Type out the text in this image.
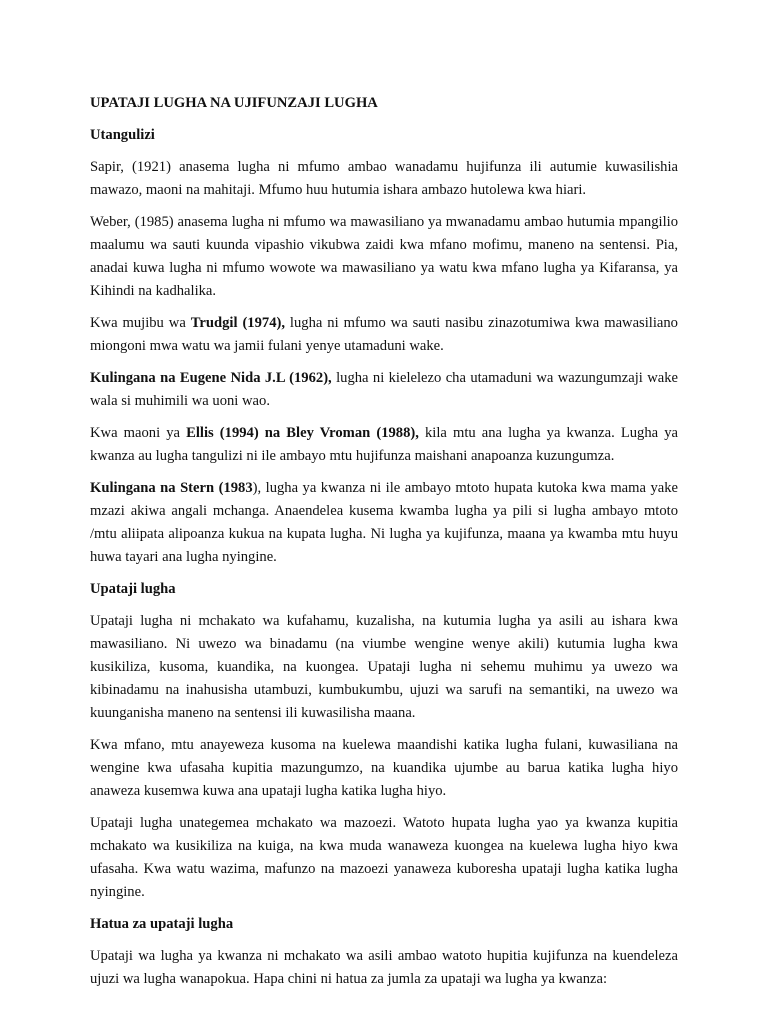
UPATAJI LUGHA NA UJIFUNZAJI LUGHA
Utangulizi

Sapir, (1921) anasema lugha ni mfumo ambao wanadamu hujifunza ili autumie kuwasilishia mawazo, maoni na mahitaji. Mfumo huu hutumia ishara ambazo hutolewa kwa hiari.

Weber, (1985) anasema lugha ni mfumo wa mawasiliano ya mwanadamu ambao hutumia mpangilio maalumu wa sauti kuunda vipashio vikubwa zaidi kwa mfano mofimu, maneno na sentensi. Pia, anadai kuwa lugha ni mfumo wowote wa mawasiliano ya watu kwa mfano lugha ya Kifaransa, ya Kihindi na kadhalika.

Kwa mujibu wa Trudgil (1974), lugha ni mfumo wa sauti nasibu zinazotumiwa kwa mawasiliano miongoni mwa watu wa jamii fulani yenye utamaduni wake.

Kulingana na Eugene Nida J.L (1962), lugha ni kielelezo cha utamaduni wa wazungumzaji wake wala si muhimili wa uoni wao.

Kwa maoni ya Ellis (1994) na Bley Vroman (1988), kila mtu ana lugha ya kwanza. Lugha ya kwanza au lugha tangulizi ni ile ambayo mtu hujifunza maishani anapoanza kuzungumza.

Kulingana na Stern (1983), lugha ya kwanza ni ile ambayo mtoto hupata kutoka kwa mama yake mzazi akiwa angali mchanga. Anaendelea kusema kwamba lugha ya pili si lugha ambayo mtoto /mtu aliipata alipoanza kukua na kupata lugha. Ni lugha ya kujifunza, maana ya kwamba mtu huyu huwa tayari ana lugha nyingine.

Upataji lugha

Upataji lugha ni mchakato wa kufahamu, kuzalisha, na kutumia lugha ya asili au ishara kwa mawasiliano. Ni uwezo wa binadamu (na viumbe wengine wenye akili) kutumia lugha kwa kusikiliza, kusoma, kuandika, na kuongea. Upataji lugha ni sehemu muhimu ya uwezo wa kibinadamu na inahusisha utambuzi, kumbukumbu, ujuzi wa sarufi na semantiki, na uwezo wa kuunganisha maneno na sentensi ili kuwasilisha maana.

Kwa mfano, mtu anayeweza kusoma na kuelewa maandishi katika lugha fulani, kuwasiliana na wengine kwa ufasaha kupitia mazungumzo, na kuandika ujumbe au barua katika lugha hiyo anaweza kusemwa kuwa ana upataji lugha katika lugha hiyo.

Upataji lugha unategemea mchakato wa mazoezi. Watoto hupata lugha yao ya kwanza kupitia mchakato wa kusikiliza na kuiga, na kwa muda wanaweza kuongea na kuelewa lugha hiyo kwa ufasaha. Kwa watu wazima, mafunzo na mazoezi yanaweza kuboresha upataji lugha katika lugha nyingine.

Hatua za upataji lugha

Upataji wa lugha ya kwanza ni mchakato wa asili ambao watoto hupitia kujifunza na kuendeleza ujuzi wa lugha wanapokua. Hapa chini ni hatua za jumla za upataji wa lugha ya kwanza:
